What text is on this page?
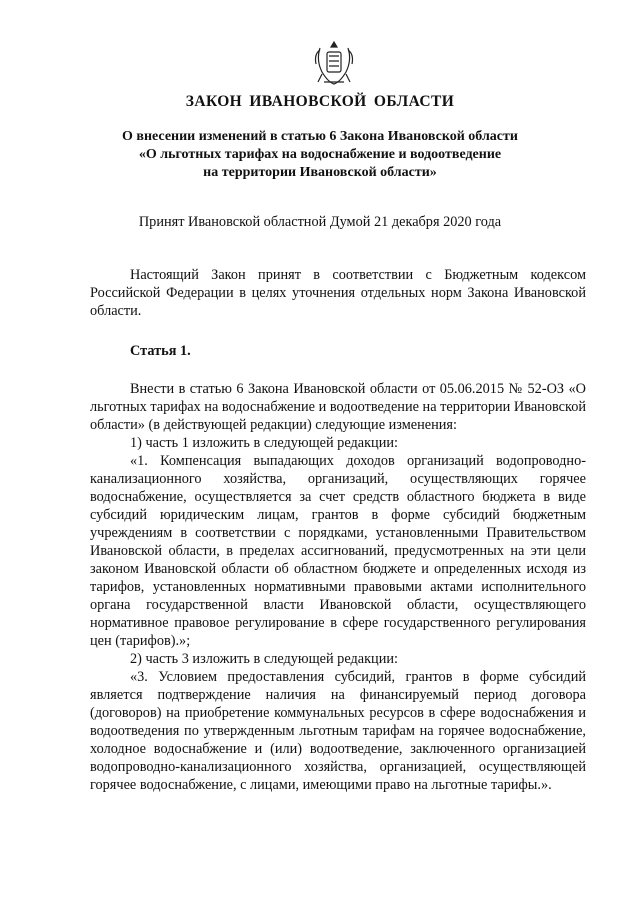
ЗАКОН ИВАНОВСКОЙ ОБЛАСТИ
О внесении изменений в статью 6 Закона Ивановской области
«О льготных тарифах на водоснабжение и водоотведение
на территории Ивановской области»

Принят Ивановской областной Думой 21 декабря 2020 года

Настоящий Закон принят в соответствии с Бюджетным кодексом Российской Федерации в целях уточнения отдельных норм Закона Ивановской области.

Статья 1.

Внести в статью 6 Закона Ивановской области от 05.06.2015 № 52-ОЗ «О льготных тарифах на водоснабжение и водоотведение на территории Ивановской области» (в действующей редакции) следующие изменения:

1) часть 1 изложить в следующей редакции:

«1. Компенсация выпадающих доходов организаций водопроводно-канализационного хозяйства, организаций, осуществляющих горячее водоснабжение, осуществляется за счет средств областного бюджета в виде субсидий юридическим лицам, грантов в форме субсидий бюджетным учреждениям в соответствии с порядками, установленными Правительством Ивановской области, в пределах ассигнований, предусмотренных на эти цели законом Ивановской области об областном бюджете и определенных исходя из тарифов, установленных нормативными правовыми актами исполнительного органа государственной власти Ивановской области, осуществляющего нормативное правовое регулирование в сфере государственного регулирования цен (тарифов).»;

2) часть 3 изложить в следующей редакции:

«3. Условием предоставления субсидий, грантов в форме субсидий является подтверждение наличия на финансируемый период договора (договоров) на приобретение коммунальных ресурсов в сфере водоснабжения и водоотведения по утвержденным льготным тарифам на горячее водоснабжение, холодное водоснабжение и (или) водоотведение, заключенного организацией водопроводно-канализационного хозяйства, организацией, осуществляющей горячее водоснабжение, с лицами, имеющими право на льготные тарифы.».
